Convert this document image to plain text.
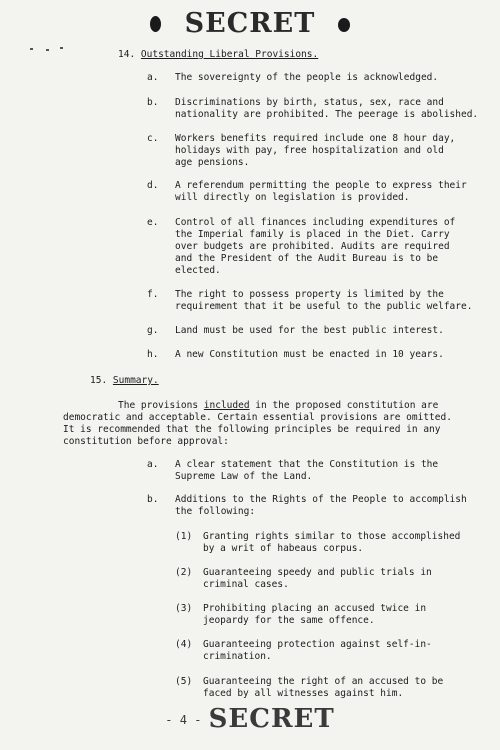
SECRET
14. Outstanding Liberal Provisions.
a. The sovereignty of the people is acknowledged.
b. Discriminations by birth, status, sex, race and
nationality are prohibited. The peerage is abolished.
c. Workers benefits required include one 8 hour day,
holidays with pay, free hospitalization and old
age pensions.
d. A referendum permitting the people to express their
will directly on legislation is provided.
e. Control of all finances including expenditures of
the Imperial family is placed in the Diet. Carry
over budgets are prohibited. Audits are required
and the President of the Audit Bureau is to be
elected.
f. The right to possess property is limited by the
requirement that it be useful to the public welfare.
g. Land must be used for the best public interest.
h. A new Constitution must be enacted in 10 years.
15. Summary.
The provisions included in the proposed constitution are
democratic and acceptable. Certain essential provisions are omitted.
It is recommended that the following principles be required in any
constitution before approval:
a. A clear statement that the Constitution is the
Supreme Law of the Land.
b. Additions to the Rights of the People to accomplish
the following:
(1) Granting rights similar to those accomplished
by a writ of habeaus corpus.
(2) Guaranteeing speedy and public trials in
criminal cases.
(3) Prohibiting placing an accused twice in
jeopardy for the same offence.
(4) Guaranteeing protection against self-in-
crimination.
(5) Guaranteeing the right of an accused to be
faced by all witnesses against him.
- 4 - SECRET
